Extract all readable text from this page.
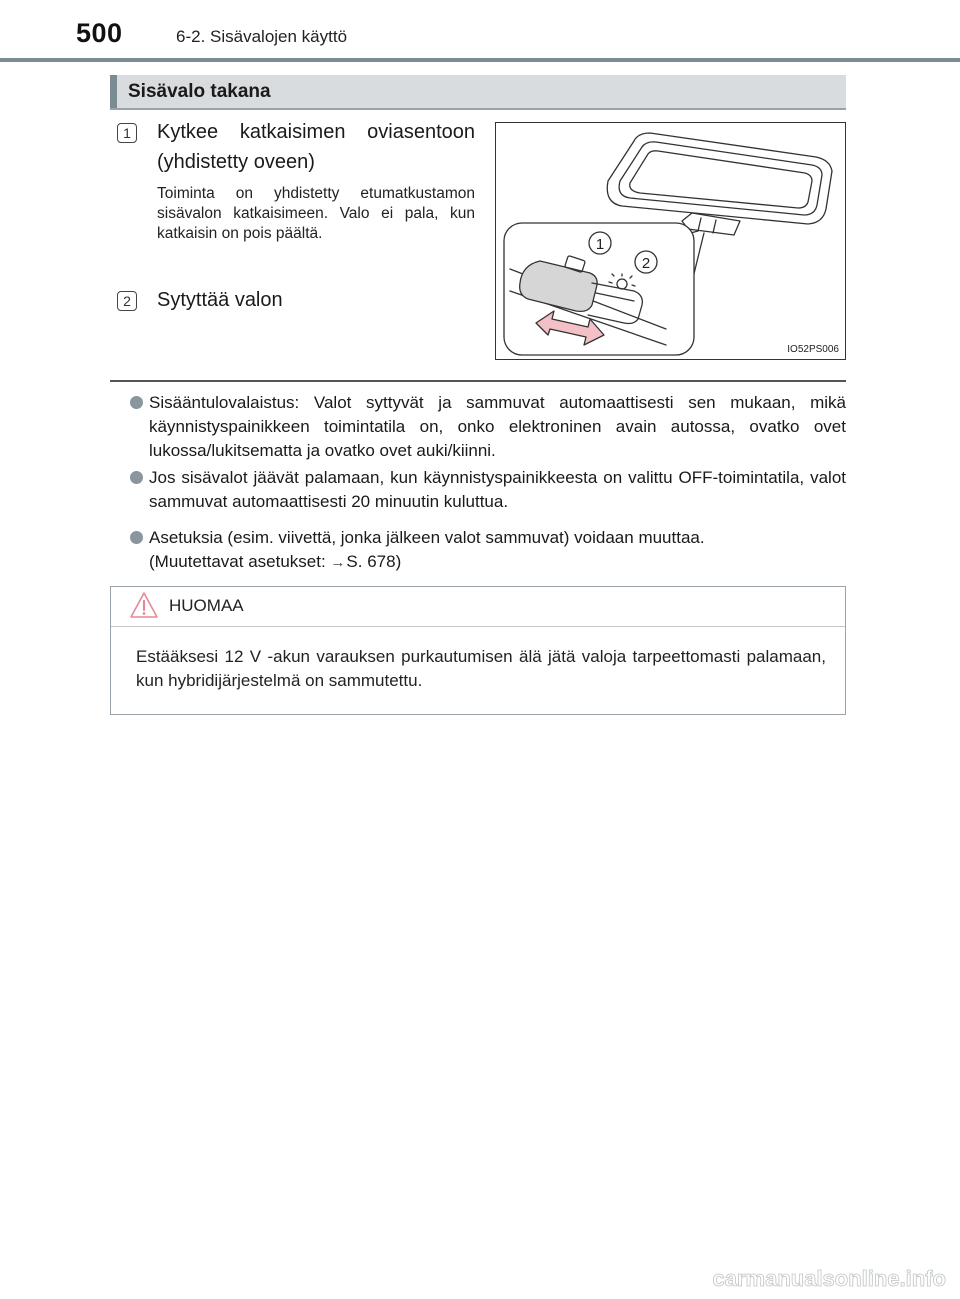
500	6-2. Sisävalojen käyttö
Sisävalo takana
1	Kytkee katkaisimen oviasentoon (yhdistetty oveen)
Toiminta on yhdistetty etumatkustamon sisävalon katkaisimeen. Valo ei pala, kun katkaisin on pois päältä.
2	Sytyttää valon
1
2
IO52PS006
Sisääntulovalaistus: Valot syttyvät ja sammuvat automaattisesti sen mukaan, mikä käynnistyspainikkeen toimintatila on, onko elektroninen avain autossa, ovatko ovet lukossa/lukitsematta ja ovatko ovet auki/kiinni.
Jos sisävalot jäävät palamaan, kun käynnistyspainikkeesta on valittu OFF-toimintatila, valot sammuvat automaattisesti 20 minuutin kuluttua.
Asetuksia (esim. viivettä, jonka jälkeen valot sammuvat) voidaan muuttaa.
(Muutettavat asetukset: →S. 678)
HUOMAA
Estääksesi 12 V -akun varauksen purkautumisen älä jätä valoja tarpeettomasti palamaan, kun hybridijärjestelmä on sammutettu.
carmanualsonline.info
